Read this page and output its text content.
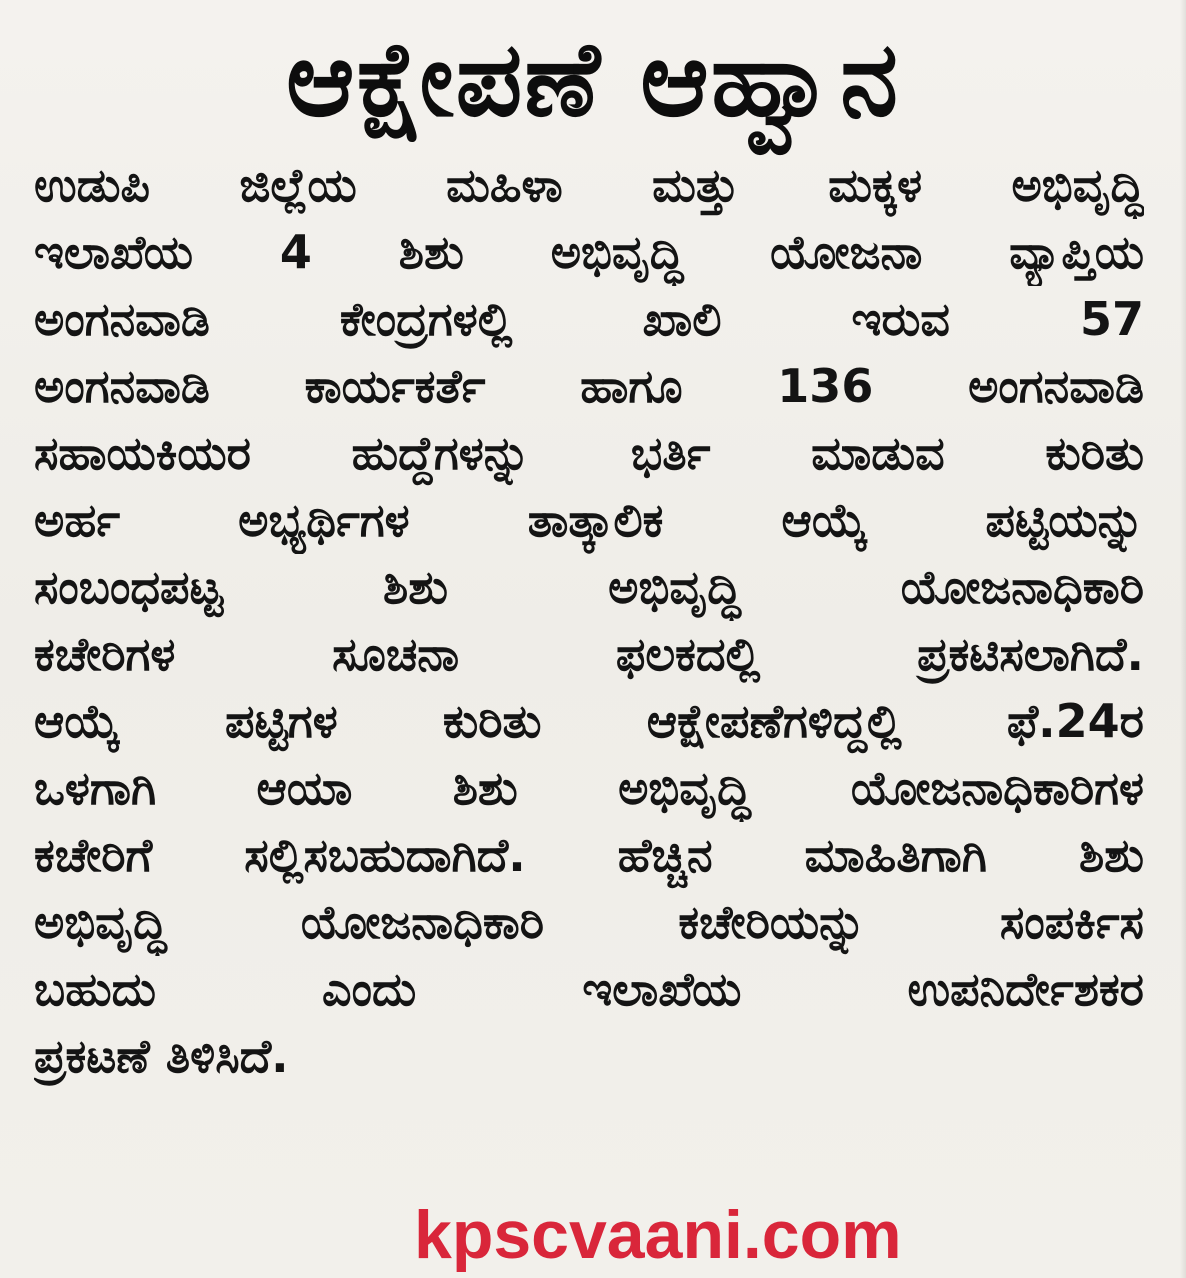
ಆಕ್ಷೇಪಣೆ ಆಹ್ವಾನ
ಉಡುಪಿ ಜಿಲ್ಲೆಯ ಮಹಿಳಾ ಮತ್ತು ಮಕ್ಕಳ ಅಭಿವೃದ್ಧಿ
ಇಲಾಖೆಯ 4 ಶಿಶು ಅಭಿವೃದ್ಧಿ ಯೋಜನಾ ವ್ಯಾಪ್ತಿಯ
ಅಂಗನವಾಡಿ ಕೇಂದ್ರಗಳಲ್ಲಿ ಖಾಲಿ ಇರುವ 57
ಅಂಗನವಾಡಿ ಕಾರ್ಯಕರ್ತೆ ಹಾಗೂ 136 ಅಂಗನವಾಡಿ
ಸಹಾಯಕಿಯರ ಹುದ್ದೆಗಳನ್ನು ಭರ್ತಿ ಮಾಡುವ ಕುರಿತು
ಅರ್ಹ ಅಭ್ಯರ್ಥಿಗಳ ತಾತ್ಕಾಲಿಕ ಆಯ್ಕೆ ಪಟ್ಟಿಯನ್ನು
ಸಂಬಂಧಪಟ್ಟ ಶಿಶು ಅಭಿವೃದ್ಧಿ ಯೋಜನಾಧಿಕಾರಿ
ಕಚೇರಿಗಳ ಸೂಚನಾ ಫಲಕದಲ್ಲಿ ಪ್ರಕಟಿಸಲಾಗಿದೆ.
ಆಯ್ಕೆ ಪಟ್ಟಿಗಳ ಕುರಿತು ಆಕ್ಷೇಪಣೆಗಳಿದ್ದಲ್ಲಿ ಫೆ.24ರ
ಒಳಗಾಗಿ ಆಯಾ ಶಿಶು ಅಭಿವೃದ್ಧಿ ಯೋಜನಾಧಿಕಾರಿಗಳ
ಕಚೇರಿಗೆ ಸಲ್ಲಿಸಬಹುದಾಗಿದೆ. ಹೆಚ್ಚಿನ ಮಾಹಿತಿಗಾಗಿ ಶಿಶು
ಅಭಿವೃದ್ಧಿ ಯೋಜನಾಧಿಕಾರಿ ಕಚೇರಿಯನ್ನು ಸಂಪರ್ಕಿಸ
ಬಹುದು ಎಂದು ಇಲಾಖೆಯ ಉಪನಿರ್ದೇಶಕರ
ಪ್ರಕಟಣೆ ತಿಳಿಸಿದೆ.
kpscvaani.com
